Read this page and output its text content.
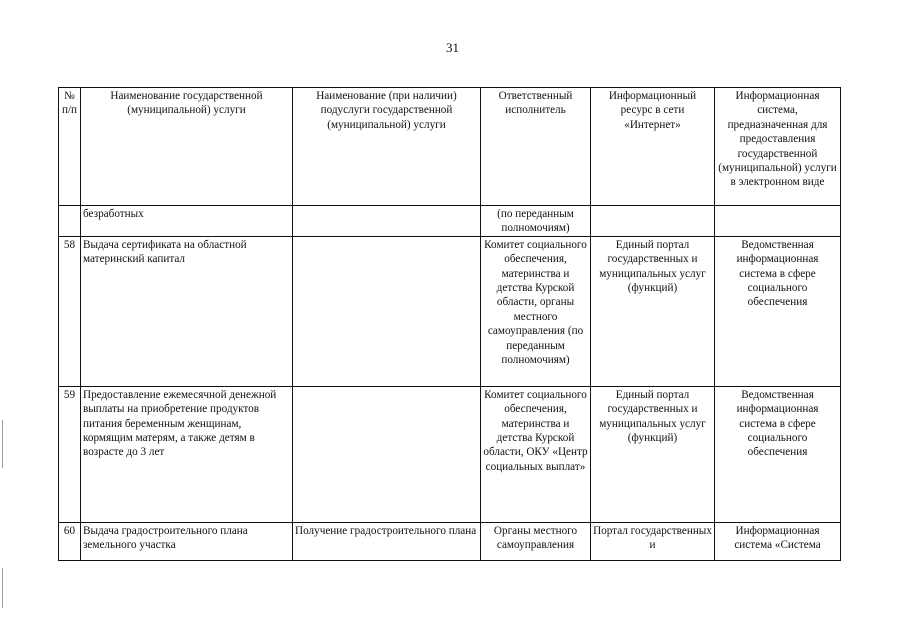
31
№ п/п	Наименование государственной (муниципальной) услуги	Наименование (при наличии) подуслуги государственной (муниципальной) услуги	Ответственный исполнитель	Информационный ресурс в сети «Интернет»	Информационная система, предназначенная для предоставления государственной (муниципальной) услуги в электронном виде
	безработных		(по переданным полномочиям)		
58	Выдача сертификата на областной материнский капитал		Комитет социального обеспечения, материнства и детства Курской области, органы местного самоуправления (по переданным полномочиям)	Единый портал государственных и муниципальных услуг (функций)	Ведомственная информационная система в сфере социального обеспечения
59	Предоставление ежемесячной денежной выплаты на приобретение продуктов питания беременным женщинам, кормящим матерям, а также детям в возрасте до 3 лет		Комитет социального обеспечения, материнства и детства Курской области, ОКУ «Центр социальных выплат»	Единый портал государственных и муниципальных услуг (функций)	Ведомственная информационная система в сфере социального обеспечения
60	Выдача градостроительного плана земельного участка	Получение градостроительного плана	Органы местного самоуправления	Портал государственных и	Информационная система «Система
